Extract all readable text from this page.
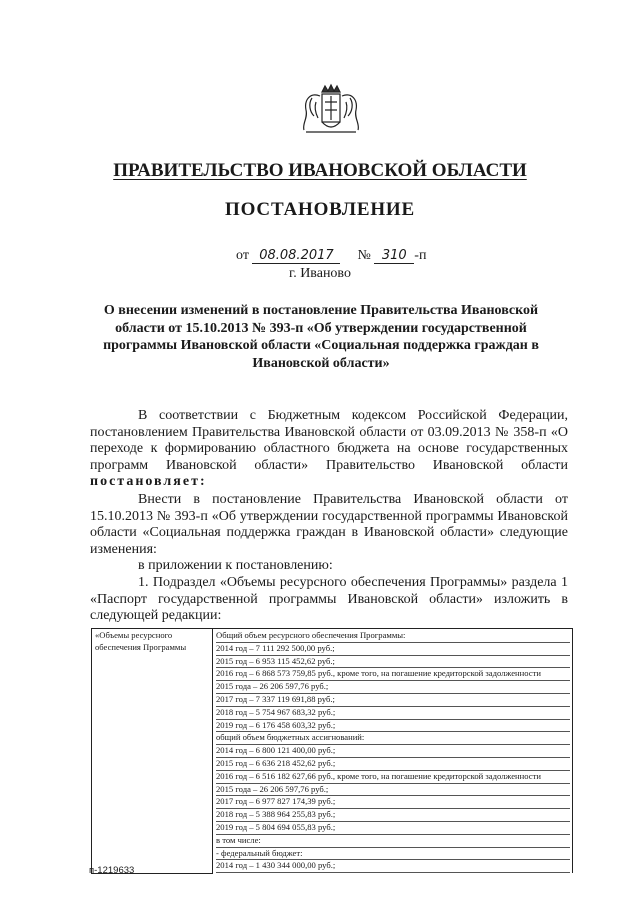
ПРАВИТЕЛЬСТВО ИВАНОВСКОЙ ОБЛАСТИ
ПОСТАНОВЛЕНИЕ
от 08.08.2017 № 310 -п
г. Иваново
О внесении изменений в постановление Правительства Ивановской области от 15.10.2013 № 393-п «Об утверждении государственной программы Ивановской области «Социальная поддержка граждан в Ивановской области»
В соответствии с Бюджетным кодексом Российской Федерации, постановлением Правительства Ивановской области от 03.09.2013 № 358-п «О переходе к формированию областного бюджета на основе государственных программ Ивановской области» Правительство Ивановской области постановляет:
Внести в постановление Правительства Ивановской области от 15.10.2013 № 393-п «Об утверждении государственной программы Ивановской области «Социальная поддержка граждан в Ивановской области» следующие изменения:
в приложении к постановлению:
1. Подраздел «Объемы ресурсного обеспечения Программы» раздела 1 «Паспорт государственной программы Ивановской области» изложить в следующей редакции:
«Объемы ресурсного обеспечения Программы	
Общий объем ресурсного обеспечения Программы:
2014 год – 7 111 292 500,00 руб.;
2015 год – 6 953 115 452,62 руб.;
2016 год – 6 868 573 759,85 руб., кроме того, на погашение кредиторской задолженности
2015 года – 26 206 597,76 руб.;
2017 год – 7 337 119 691,88 руб.;
2018 год – 5 754 967 683,32 руб.;
2019 год – 6 176 458 603,32 руб.;
общий объем бюджетных ассигнований:
2014 год – 6 800 121 400,00 руб.;
2015 год – 6 636 218 452,62 руб.;
2016 год – 6 516 182 627,66 руб., кроме того, на погашение кредиторской задолженности
2015 года – 26 206 597,76 руб.;
2017 год – 6 977 827 174,39 руб.;
2018 год – 5 388 964 255,83 руб.;
2019 год – 5 804 694 055,83 руб.;
в том числе:
- федеральный бюджет:
2014 год – 1 430 344 000,00 руб.;
п-1219633
